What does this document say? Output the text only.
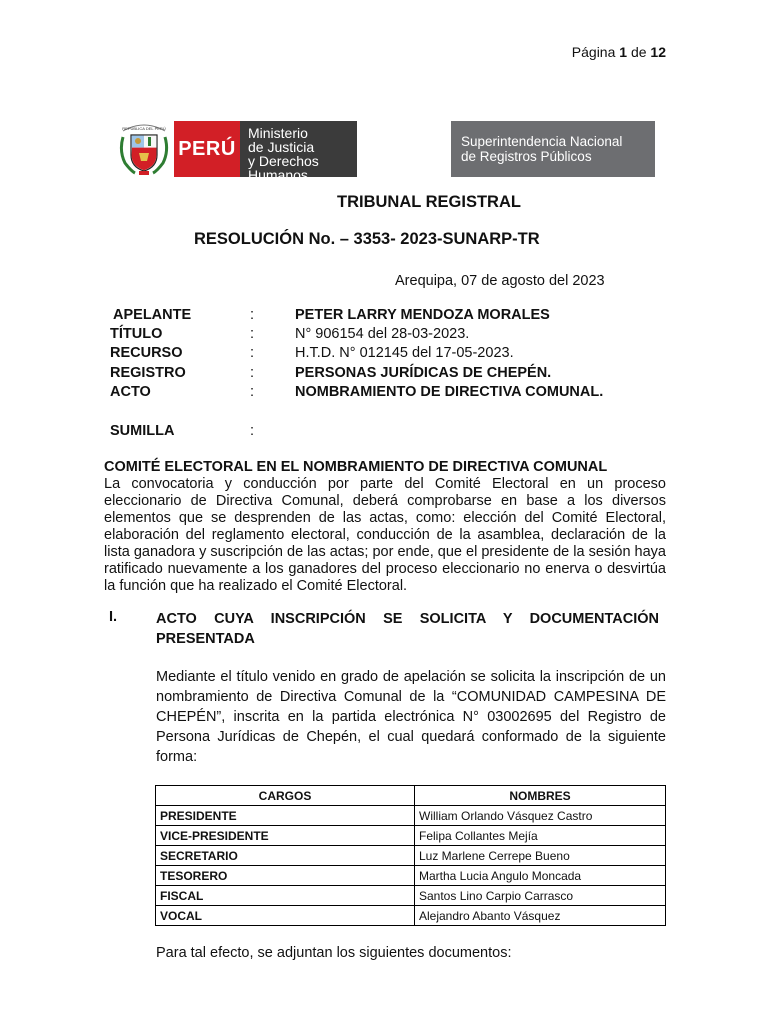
Página 1 de 12
REPÚBLICA DEL PERÚ
PERÚ
Ministerio
de Justicia
y Derechos Humanos
Superintendencia Nacional
de Registros Públicos
TRIBUNAL REGISTRAL
RESOLUCIÓN No. – 3353- 2023-SUNARP-TR
Arequipa, 07 de agosto del 2023
APELANTE	:	PETER LARRY MENDOZA MORALES
TÍTULO	:	N° 906154 del 28-03-2023.
RECURSO	:	H.T.D. N° 012145 del 17-05-2023.
REGISTRO	:	PERSONAS JURÍDICAS DE CHEPÉN.
ACTO	:	NOMBRAMIENTO DE DIRECTIVA COMUNAL.
SUMILLA	:
COMITÉ ELECTORAL EN EL NOMBRAMIENTO DE DIRECTIVA COMUNAL
La convocatoria y conducción por parte del Comité Electoral en un proceso eleccionario de Directiva Comunal, deberá comprobarse en base a los diversos elementos que se desprenden de las actas, como: elección del Comité Electoral, elaboración del reglamento electoral, conducción de la asamblea, declaración de la lista ganadora y suscripción de las actas; por ende, que el presidente de la sesión haya ratificado nuevamente a los ganadores del proceso eleccionario no enerva o desvirtúa la función que ha realizado el Comité Electoral.
I.	ACTO CUYA INSCRIPCIÓN SE SOLICITA Y DOCUMENTACIÓN PRESENTADA
Mediante el título venido en grado de apelación se solicita la inscripción de un nombramiento de Directiva Comunal de la “COMUNIDAD CAMPESINA DE CHEPÉN”, inscrita en la partida electrónica N° 03002695 del Registro de Persona Jurídicas de Chepén, el cual quedará conformado de la siguiente forma:
CARGOS	NOMBRES
PRESIDENTE	William Orlando Vásquez Castro
VICE-PRESIDENTE	Felipa Collantes Mejía
SECRETARIO	Luz Marlene Cerrepe Bueno
TESORERO	Martha Lucia Angulo Moncada
FISCAL	Santos Lino Carpio Carrasco
VOCAL	Alejandro Abanto Vásquez
Para tal efecto, se adjuntan los siguientes documentos:
